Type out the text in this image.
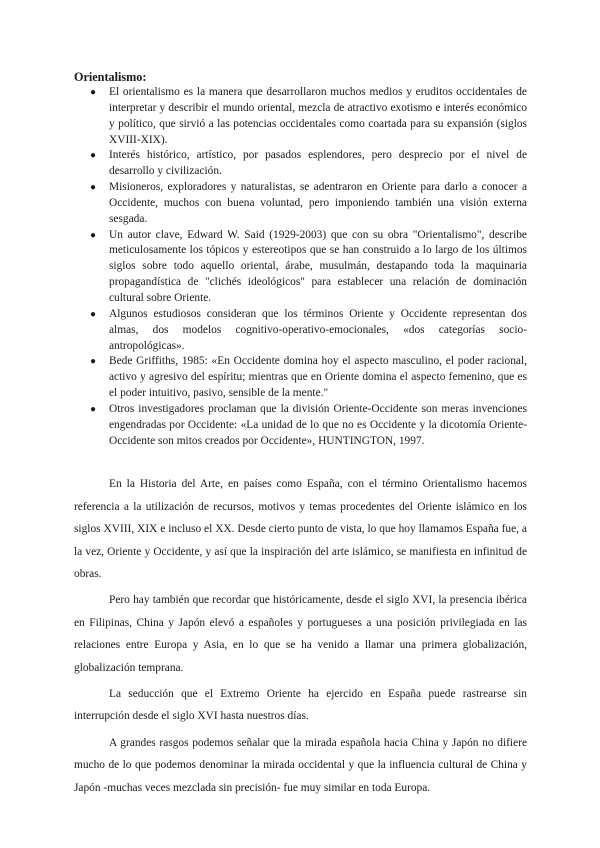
Orientalismo:
● El orientalismo es la manera que desarrollaron muchos medios y eruditos occidentales de interpretar y describir el mundo oriental, mezcla de atractivo exotismo e interés económico y político, que sirvió a las potencias occidentales como coartada para su expansión (siglos XVIII-XIX).
● Interés histórico, artístico, por pasados esplendores, pero desprecio por el nivel de desarrollo y civilización.
● Misioneros, exploradores y naturalistas, se adentraron en Oriente para darlo a conocer a Occidente, muchos con buena voluntad, pero imponiendo también una visión externa sesgada.
● Un autor clave, Edward W. Said (1929-2003) que con su obra "Orientalismo", describe meticulosamente los tópicos y estereotipos que se han construido a lo largo de los últimos siglos sobre todo aquello oriental, árabe, musulmán, destapando toda la maquinaria propagandística de "clichés ideológicos" para establecer una relación de dominación cultural sobre Oriente.
● Algunos estudiosos consideran que los términos Oriente y Occidente representan dos almas, dos modelos cognitivo-operativo-emocionales, «dos categorías socio-antropológicas».
● Bede Griffiths, 1985: «En Occidente domina hoy el aspecto masculino, el poder racional, activo y agresivo del espíritu; mientras que en Oriente domina el aspecto femenino, que es el poder intuitivo, pasivo, sensible de la mente."
● Otros investigadores proclaman que la división Oriente-Occidente son meras invenciones engendradas por Occidente: «La unidad de lo que no es Occidente y la dicotomía Oriente-Occidente son mitos creados por Occidente», HUNTINGTON, 1997.

En la Historia del Arte, en países como España, con el término Orientalismo hacemos referencia a la utilización de recursos, motivos y temas procedentes del Oriente islámico en los siglos XVIII, XIX e incluso el XX. Desde cierto punto de vista, lo que hoy llamamos España fue, a la vez, Oriente y Occidente, y así que la inspiración del arte islámico, se manifiesta en infinitud de obras.

Pero hay también que recordar que históricamente, desde el siglo XVI, la presencia ibérica en Filipinas, China y Japón elevó a españoles y portugueses a una posición privilegiada en las relaciones entre Europa y Asia, en lo que se ha venido a llamar una primera globalización, globalización temprana.

La seducción que el Extremo Oriente ha ejercido en España puede rastrearse sin interrupción desde el siglo XVI hasta nuestros días.

A grandes rasgos podemos señalar que la mirada española hacia China y Japón no difiere mucho de lo que podemos denominar la mirada occidental y que la influencia cultural de China y Japón -muchas veces mezclada sin precisión- fue muy similar en toda Europa.
